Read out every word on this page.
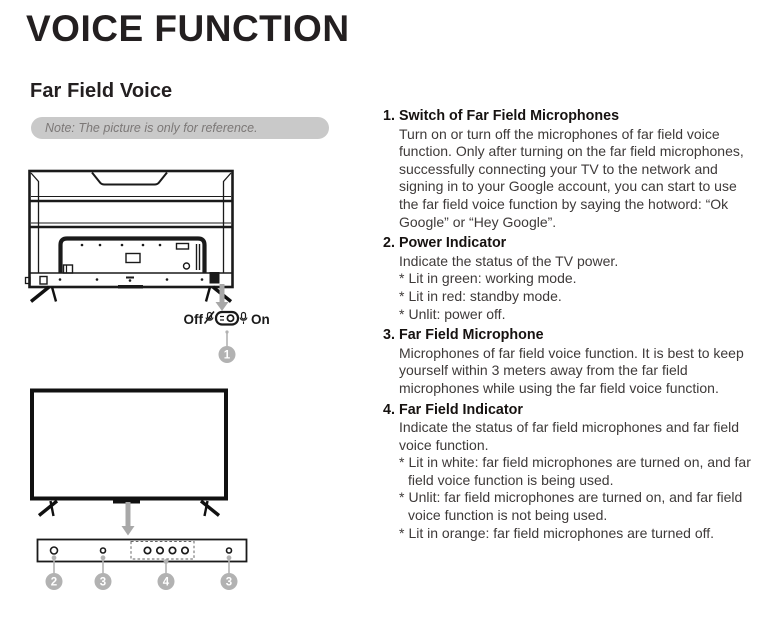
VOICE FUNCTION
Far Field Voice
Note: The picture is only for reference.
Off	On
1
2	3	4	3
1. Switch of Far Field Microphones
Turn on or turn off the microphones of far field voice function. Only after turning on the far field microphones, successfully connecting your TV to the network and signing in to your Google account, you can start to use the far field voice function by saying the hotword: “Ok Google” or “Hey Google”.
2. Power Indicator
Indicate the status of the TV power.
* Lit in green: working mode.
* Lit in red: standby mode.
* Unlit: power off.
3. Far Field Microphone
Microphones of far field voice function. It is best to keep yourself within 3 meters away from the far field microphones while using the far field voice function.
4. Far Field Indicator
Indicate the status of far field microphones and far field voice function.
* Lit in white: far field microphones are turned on, and far field voice function is being used.
* Unlit: far field microphones are turned on, and far field voice function is not being used.
* Lit in orange: far field microphones are turned off.
